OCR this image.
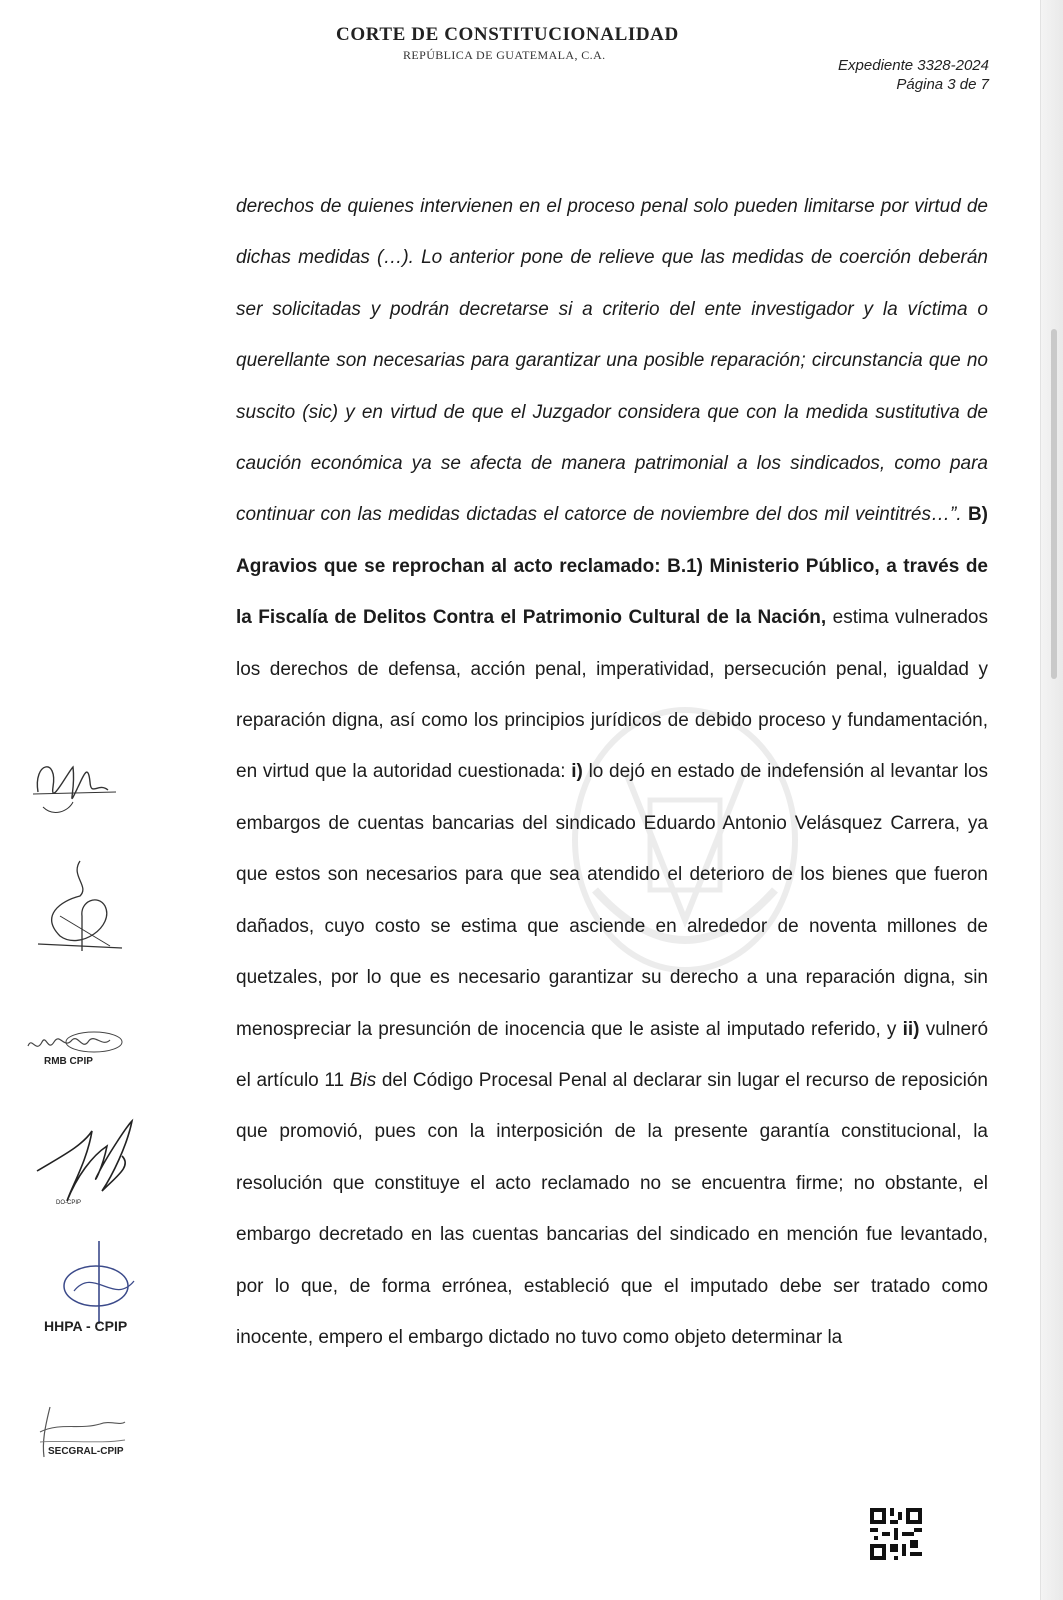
CORTE DE CONSTITUCIONALIDAD
REPÚBLICA DE GUATEMALA, C.A.
Expediente 3328-2024
Página 3 de 7
derechos de quienes intervienen en el proceso penal solo pueden limitarse por virtud de dichas medidas (…). Lo anterior pone de relieve que las medidas de coerción deberán ser solicitadas y podrán decretarse si a criterio del ente investigador y la víctima o querellante son necesarias para garantizar una posible reparación; circunstancia que no suscito (sic) y en virtud de que el Juzgador considera que con la medida sustitutiva de caución económica ya se afecta de manera patrimonial a los sindicados, como para continuar con las medidas dictadas el catorce de noviembre del dos mil veintitrés…”. B) Agravios que se reprochan al acto reclamado: B.1) Ministerio Público, a través de la Fiscalía de Delitos Contra el Patrimonio Cultural de la Nación, estima vulnerados los derechos de defensa, acción penal, imperatividad, persecución penal, igualdad y reparación digna, así como los principios jurídicos de debido proceso y fundamentación, en virtud que la autoridad cuestionada: i) lo dejó en estado de indefensión al levantar los embargos de cuentas bancarias del sindicado Eduardo Antonio Velásquez Carrera, ya que estos son necesarios para que sea atendido el deterioro de los bienes que fueron dañados, cuyo costo se estima que asciende en alrededor de noventa millones de quetzales, por lo que es necesario garantizar su derecho a una reparación digna, sin menospreciar la presunción de inocencia que le asiste al imputado referido, y ii) vulneró el artículo 11 Bis del Código Procesal Penal al declarar sin lugar el recurso de reposición que promovió, pues con la interposición de la presente garantía constitucional, la resolución que constituye el acto reclamado no se encuentra firme; no obstante, el embargo decretado en las cuentas bancarias del sindicado en mención fue levantado, por lo que, de forma errónea, estableció que el imputado debe ser tratado como inocente, empero el embargo dictado no tuvo como objeto determinar la
RMB CPIP
DO-CPIP
HHPA - CPIP
SECGRAL-CPIP
